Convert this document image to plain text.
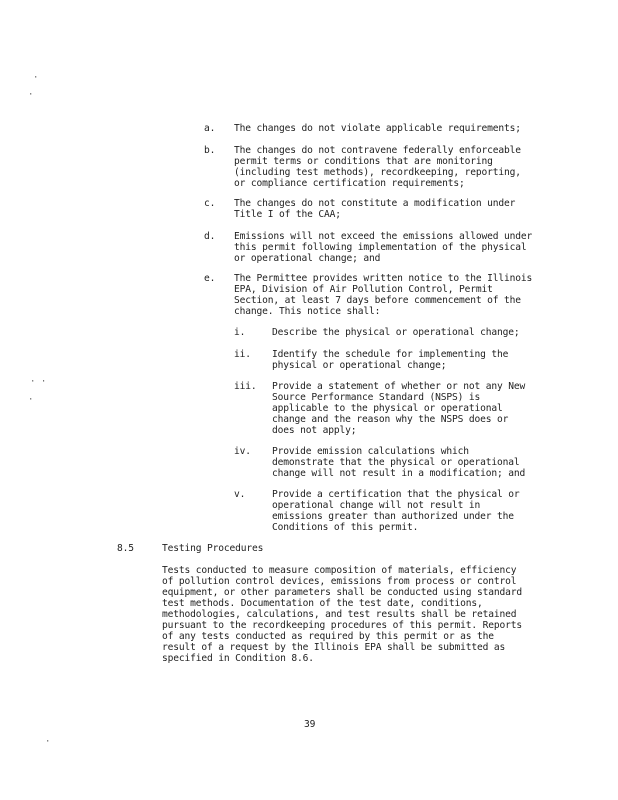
·
·
· ·
·
·
a. The changes do not violate applicable requirements;
b. The changes do not contravene federally enforceable
permit terms or conditions that are monitoring
(including test methods), recordkeeping, reporting,
or compliance certification requirements;
c. The changes do not constitute a modification under
Title I of the CAA;
d. Emissions will not exceed the emissions allowed under
this permit following implementation of the physical
or operational change; and
e. The Permittee provides written notice to the Illinois
EPA, Division of Air Pollution Control, Permit
Section, at least 7 days before commencement of the
change. This notice shall:
i.	Describe the physical or operational change;
ii. Identify the schedule for implementing the
physical or operational change;
iii. Provide a statement of whether or not any New
Source Performance Standard (NSPS) is
applicable to the physical or operational
change and the reason why the NSPS does or
does not apply;
iv. Provide emission calculations which
demonstrate that the physical or operational
change will not result in a modification; and
v.	Provide a certification that the physical or
operational change will not result in
emissions greater than authorized under the
Conditions of this permit.
8.5	Testing Procedures
Tests conducted to measure composition of materials, efficiency
of pollution control devices, emissions from process or control
equipment, or other parameters shall be conducted using standard
test methods. Documentation of the test date, conditions,
methodologies, calculations, and test results shall be retained
pursuant to the recordkeeping procedures of this permit. Reports
of any tests conducted as required by this permit or as the
result of a request by the Illinois EPA shall be submitted as
specified in Condition 8.6.
39
